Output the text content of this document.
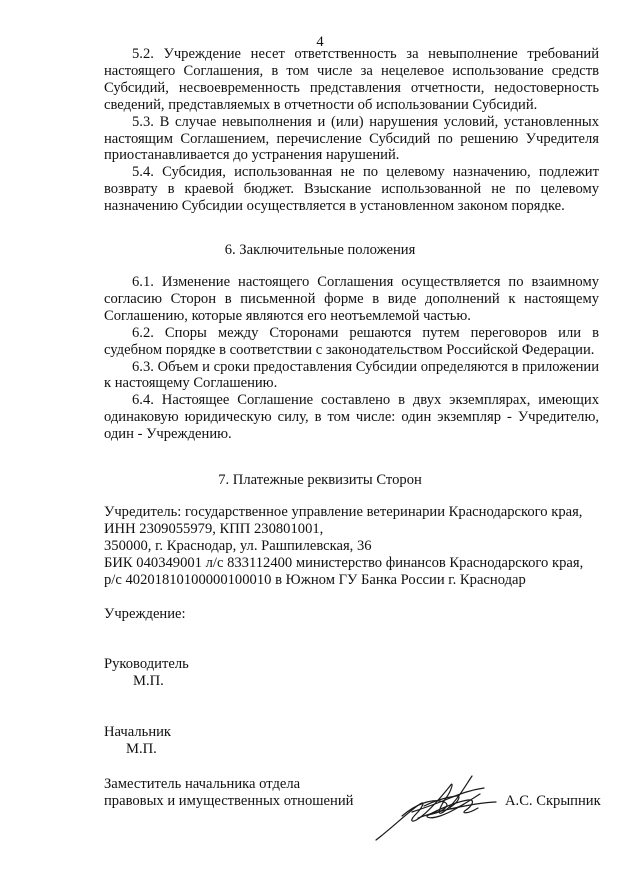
4

5.2. Учреждение несет ответственность за невыполнение требований настоящего Соглашения, в том числе за нецелевое использование средств Субсидий, несвоевременность представления отчетности, недостоверность сведений, представляемых в отчетности об использовании Субсидий.

5.3. В случае невыполнения и (или) нарушения условий, установленных настоящим Соглашением, перечисление Субсидий по решению Учредителя приостанавливается до устранения нарушений.

5.4. Субсидия, использованная не по целевому назначению, подлежит возврату в краевой бюджет. Взыскание использованной не по целевому назначению Субсидии осуществляется в установленном законом порядке.

6. Заключительные положения

6.1. Изменение настоящего Соглашения осуществляется по взаимному согласию Сторон в письменной форме в виде дополнений к настоящему Соглашению, которые являются его неотъемлемой частью.

6.2. Споры между Сторонами решаются путем переговоров или в судебном порядке в соответствии с законодательством Российской Федерации.

6.3. Объем и сроки предоставления Субсидии определяются в приложении к настоящему Соглашению.

6.4. Настоящее Соглашение составлено в двух экземплярах, имеющих одинаковую юридическую силу, в том числе: один экземпляр - Учредителю, один - Учреждению.

7. Платежные реквизиты Сторон
Учредитель: государственное управление ветеринарии Краснодарского края,
ИНН 2309055979, КПП 230801001,
350000, г. Краснодар, ул. Рашпилевская, 36
БИК 040349001 л/с 833112400 министерство финансов Краснодарского края,
р/с 40201810100000100010 в Южном ГУ Банка России г. Краснодар
Учреждение:
Руководитель
М.П.
Начальник
М.П.
Заместитель начальника отдела
правовых и имущественных отношений	А.С. Скрыпник
